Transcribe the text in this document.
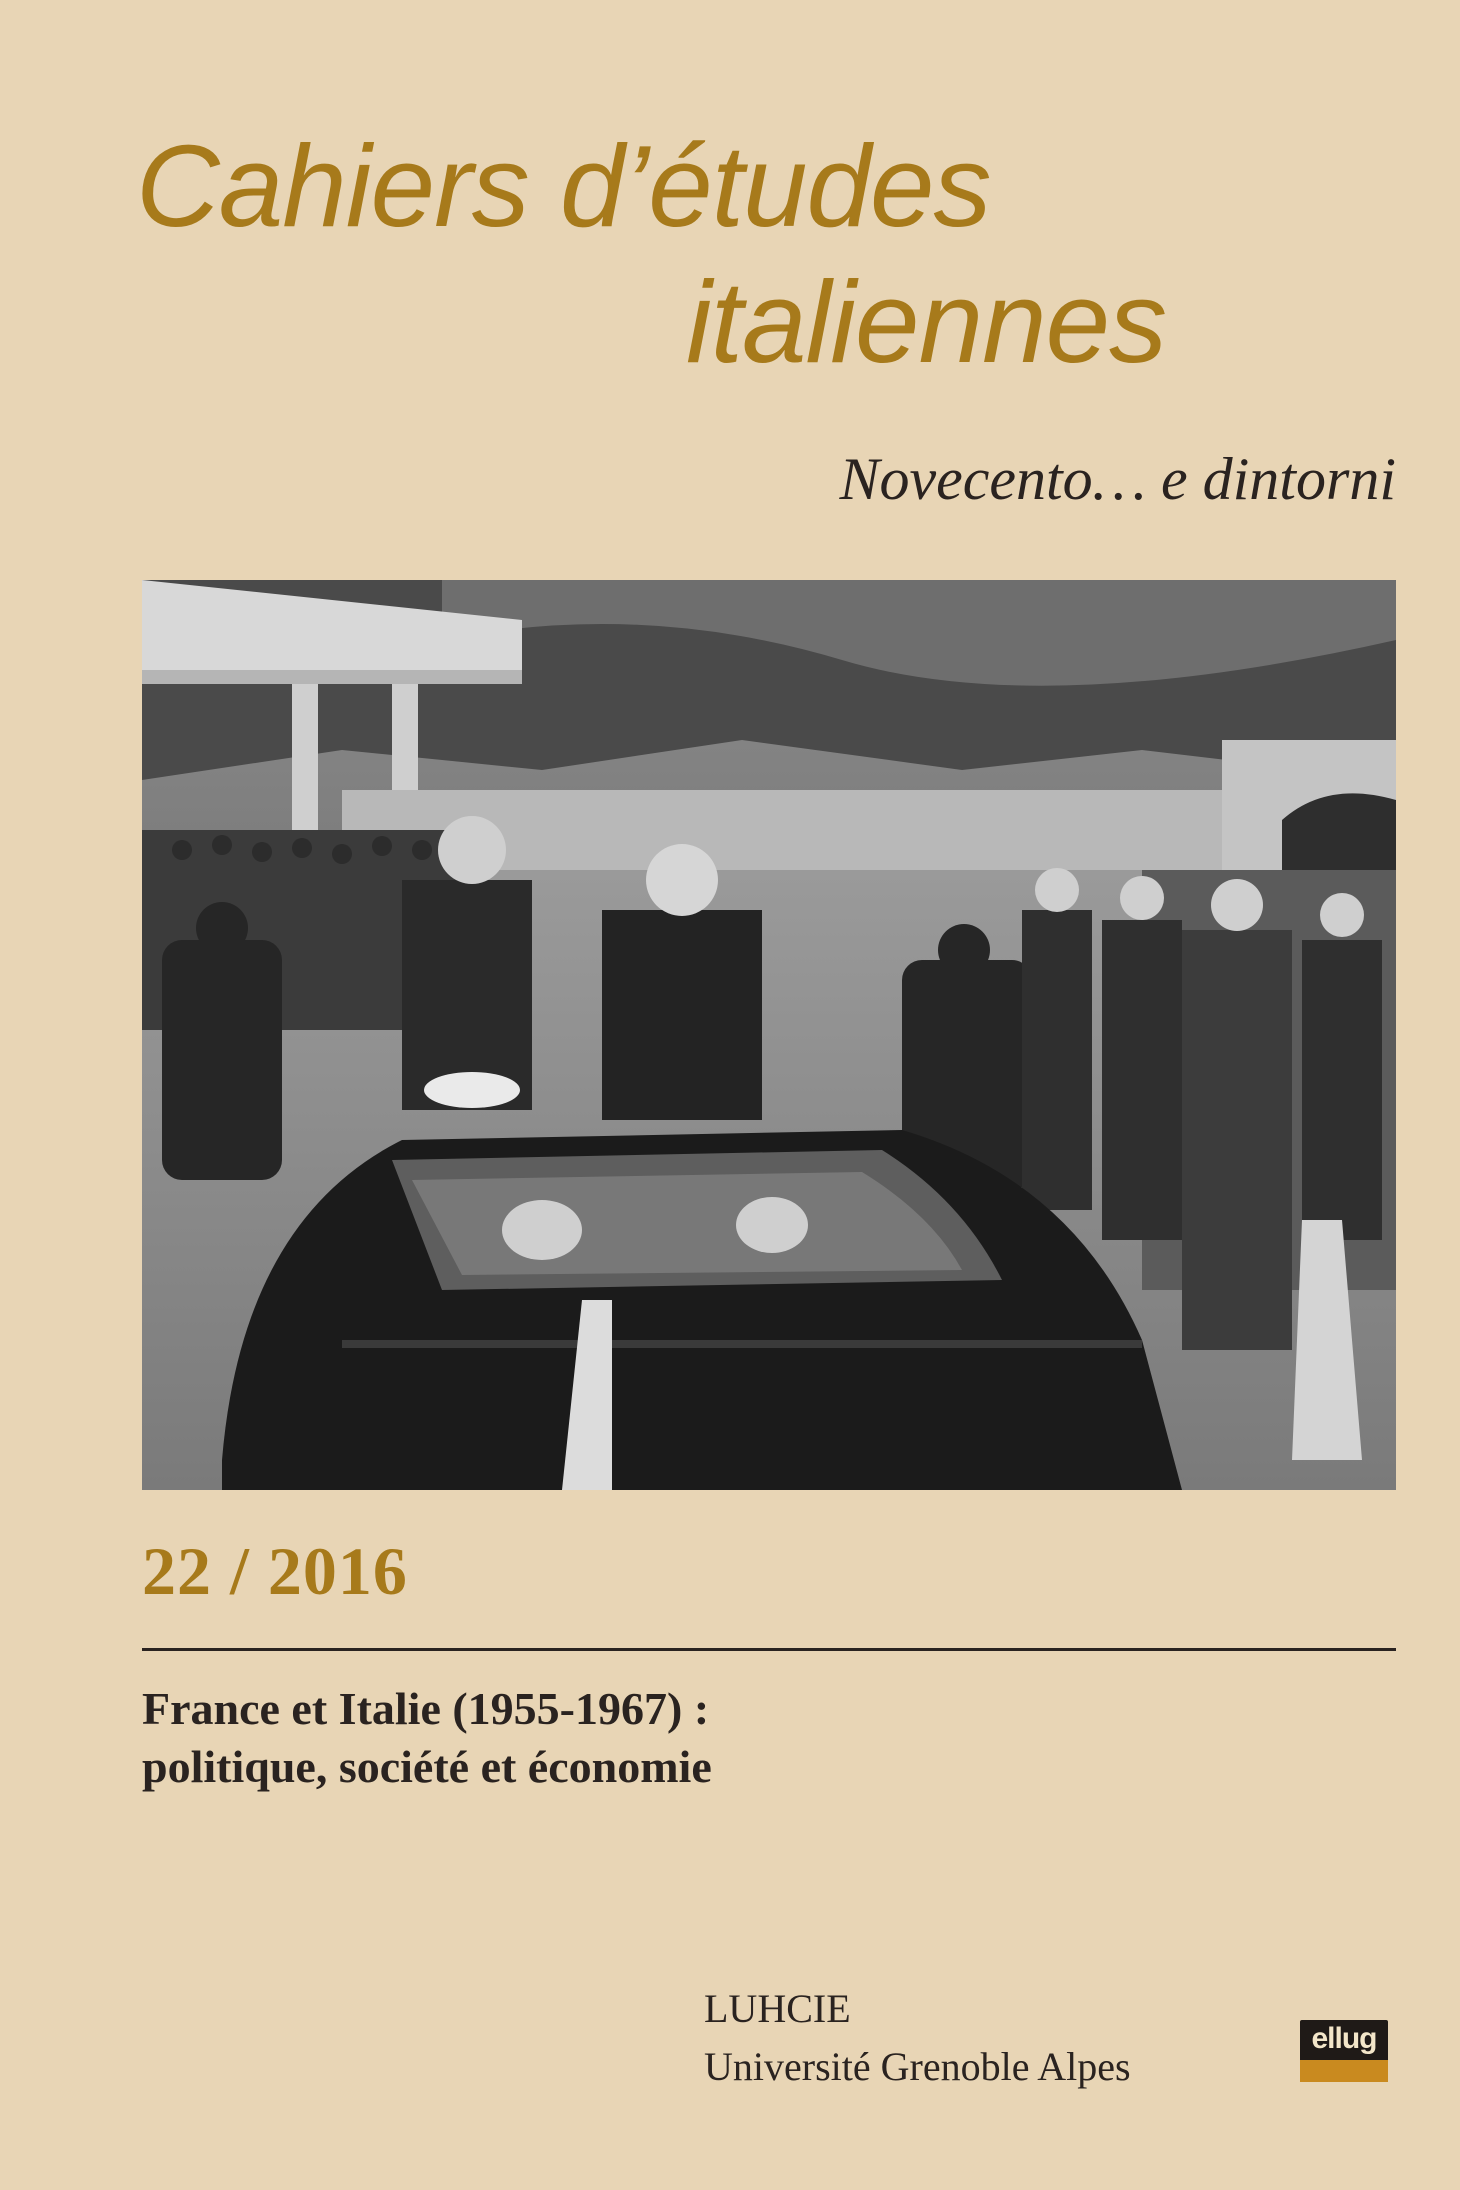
Cahiers d’études
italiennes
Novecento… e dintorni
22 / 2016
France et Italie (1955-1967) :
politique, société et économie
LUHCIE
Université Grenoble Alpes
ellug
